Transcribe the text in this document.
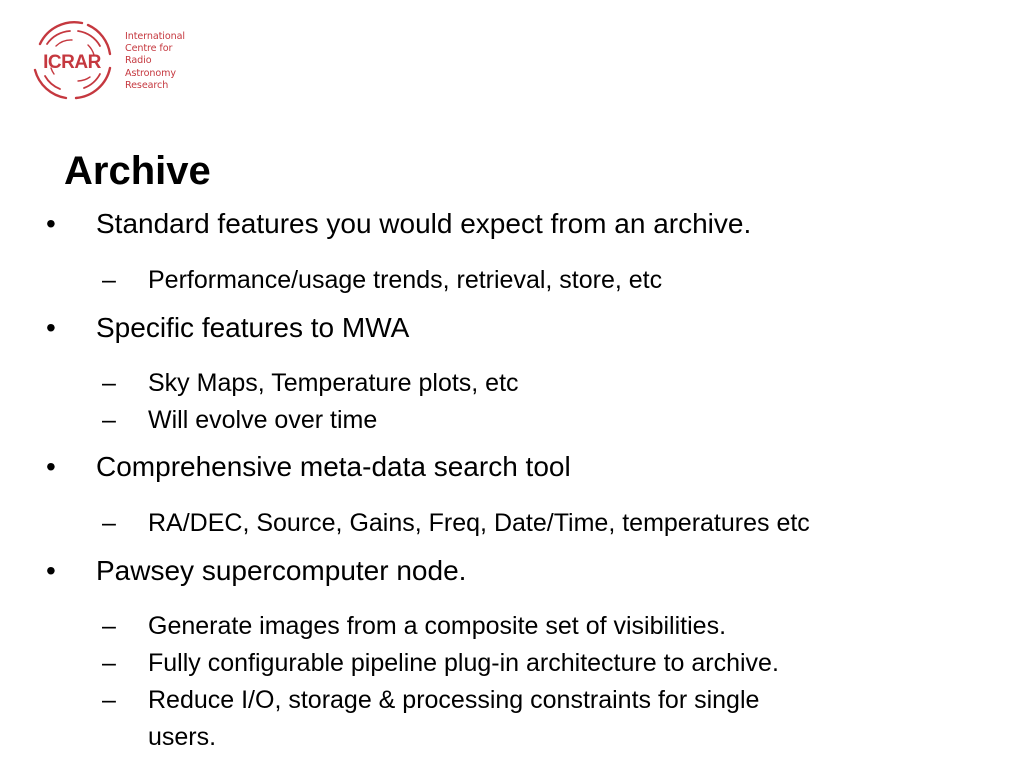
ICRAR
International
Centre for
Radio
Astronomy
Research
Archive
• Standard features you would expect from an archive.
– Performance/usage trends, retrieval, store, etc
• Specific features to MWA
– Sky Maps, Temperature plots, etc
– Will evolve over time
• Comprehensive meta-data search tool
– RA/DEC, Source, Gains, Freq, Date/Time, temperatures etc
• Pawsey supercomputer node.
– Generate images from a composite set of visibilities.
– Fully configurable pipeline plug-in architecture to archive.
– Reduce I/O, storage & processing constraints for single
users.
